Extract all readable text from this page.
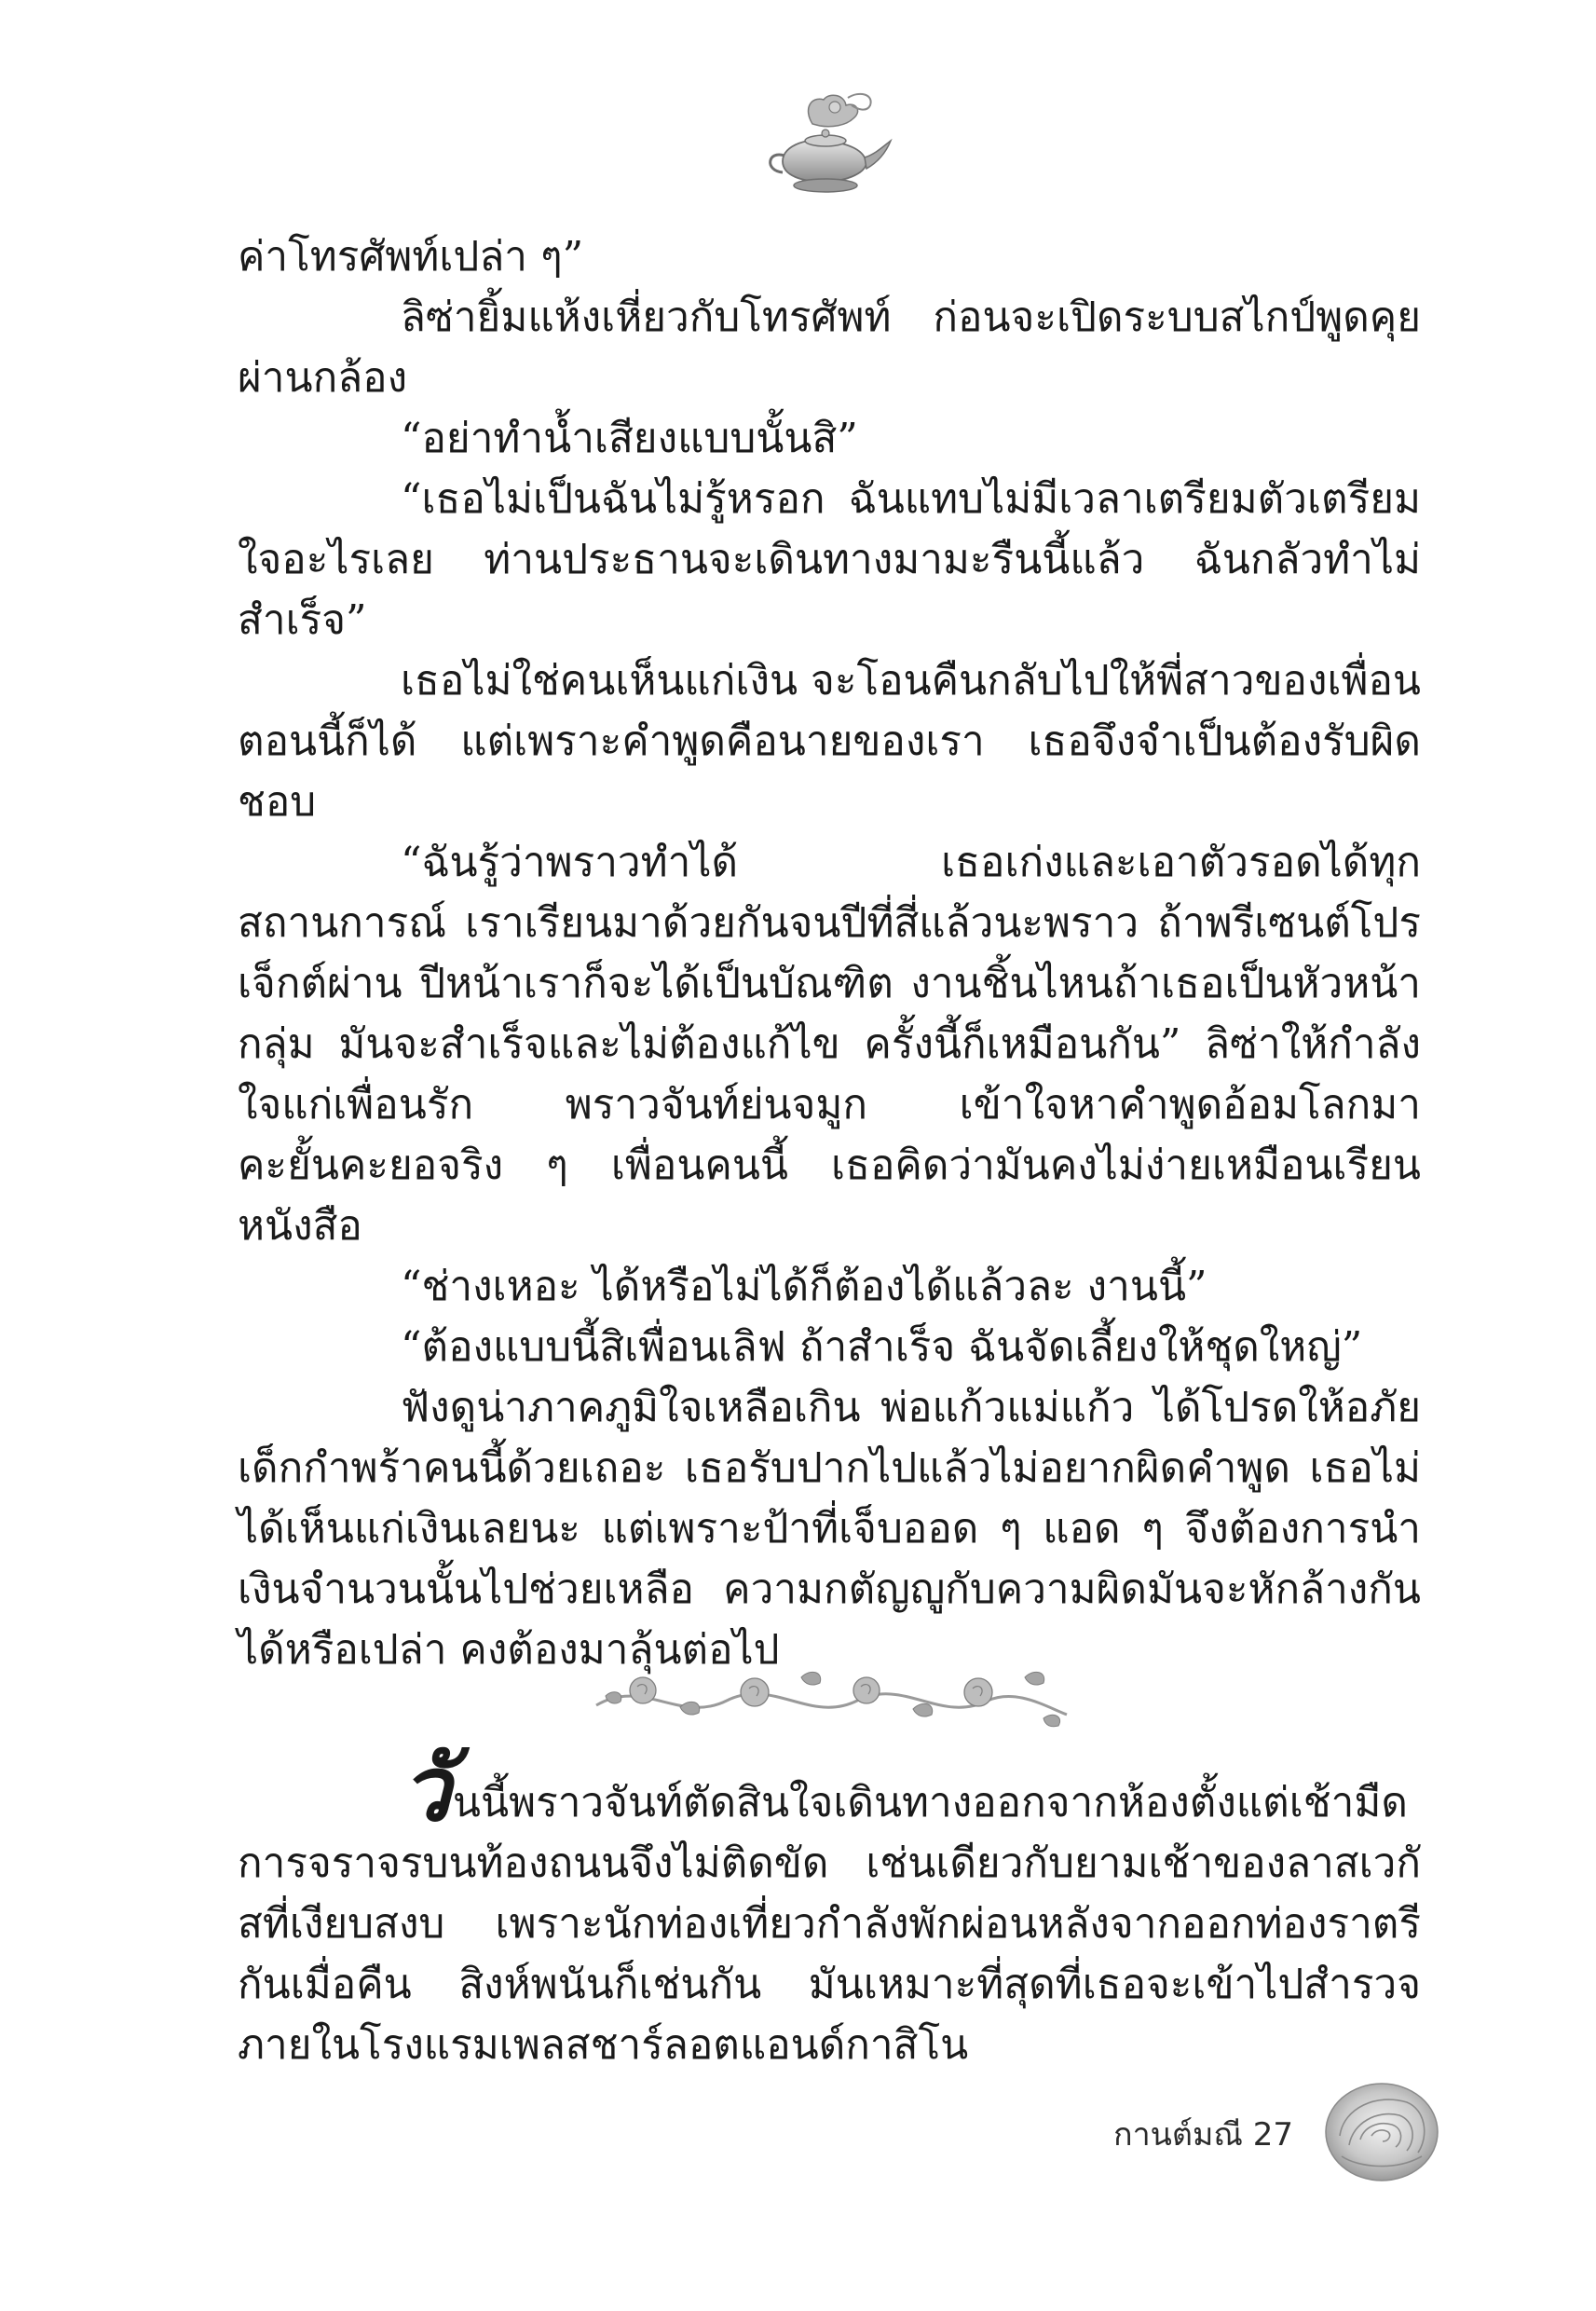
ค่าโทรศัพท์เปล่า ๆ”

ลิซ่ายิ้มแห้งเหี่ยวกับโทรศัพท์ ก่อนจะเปิดระบบสไกป์พูดคุยผ่านกล้อง

“อย่าทำน้ำเสียงแบบนั้นสิ”

“เธอไม่เป็นฉันไม่รู้หรอก ฉันแทบไม่มีเวลาเตรียมตัวเตรียมใจอะไรเลย ท่านประธานจะเดินทางมามะรืนนี้แล้ว ฉันกลัวทำไม่สำเร็จ”

เธอไม่ใช่คนเห็นแก่เงิน จะโอนคืนกลับไปให้พี่สาวของเพื่อนตอนนี้ก็ได้ แต่เพราะคำพูดคือนายของเรา เธอจึงจำเป็นต้องรับผิดชอบ

“ฉันรู้ว่าพราวทำได้ เธอเก่งและเอาตัวรอดได้ทุกสถานการณ์ เราเรียนมาด้วยกันจนปีที่สี่แล้วนะพราว ถ้าพรีเซนต์โปรเจ็กต์ผ่าน ปีหน้าเราก็จะได้เป็นบัณฑิต งานชิ้นไหนถ้าเธอเป็นหัวหน้ากลุ่ม มันจะสำเร็จและไม่ต้องแก้ไข ครั้งนี้ก็เหมือนกัน” ลิซ่าให้กำลังใจแก่เพื่อนรัก พราวจันท์ย่นจมูก เข้าใจหาคำพูดอ้อมโลกมาคะยั้นคะยอจริง ๆ เพื่อนคนนี้ เธอคิดว่ามันคงไม่ง่ายเหมือนเรียนหนังสือ

“ช่างเหอะ ได้หรือไม่ได้ก็ต้องได้แล้วละ งานนี้”

“ต้องแบบนี้สิเพื่อนเลิฟ ถ้าสำเร็จ ฉันจัดเลี้ยงให้ชุดใหญ่”

ฟังดูน่าภาคภูมิใจเหลือเกิน พ่อแก้วแม่แก้ว ได้โปรดให้อภัยเด็กกำพร้าคนนี้ด้วยเถอะ เธอรับปากไปแล้วไม่อยากผิดคำพูด เธอไม่ได้เห็นแก่เงินเลยนะ แต่เพราะป้าที่เจ็บออด ๆ แอด ๆ จึงต้องการนำเงินจำนวนนั้นไปช่วยเหลือ ความกตัญญูกับความผิดมันจะหักล้างกันได้หรือเปล่า คงต้องมาลุ้นต่อไป

วันนี้พราวจันท์ตัดสินใจเดินทางออกจากห้องตั้งแต่เช้ามืด การจราจรบนท้องถนนจึงไม่ติดขัด เช่นเดียวกับยามเช้าของลาสเวกัสที่เงียบสงบ เพราะนักท่องเที่ยวกำลังพักผ่อนหลังจากออกท่องราตรีกันเมื่อคืน สิงห์พนันก็เช่นกัน มันเหมาะที่สุดที่เธอจะเข้าไปสำรวจภายในโรงแรมเพลสชาร์ลอตแอนด์กาสิโน

กานต์มณี 27
